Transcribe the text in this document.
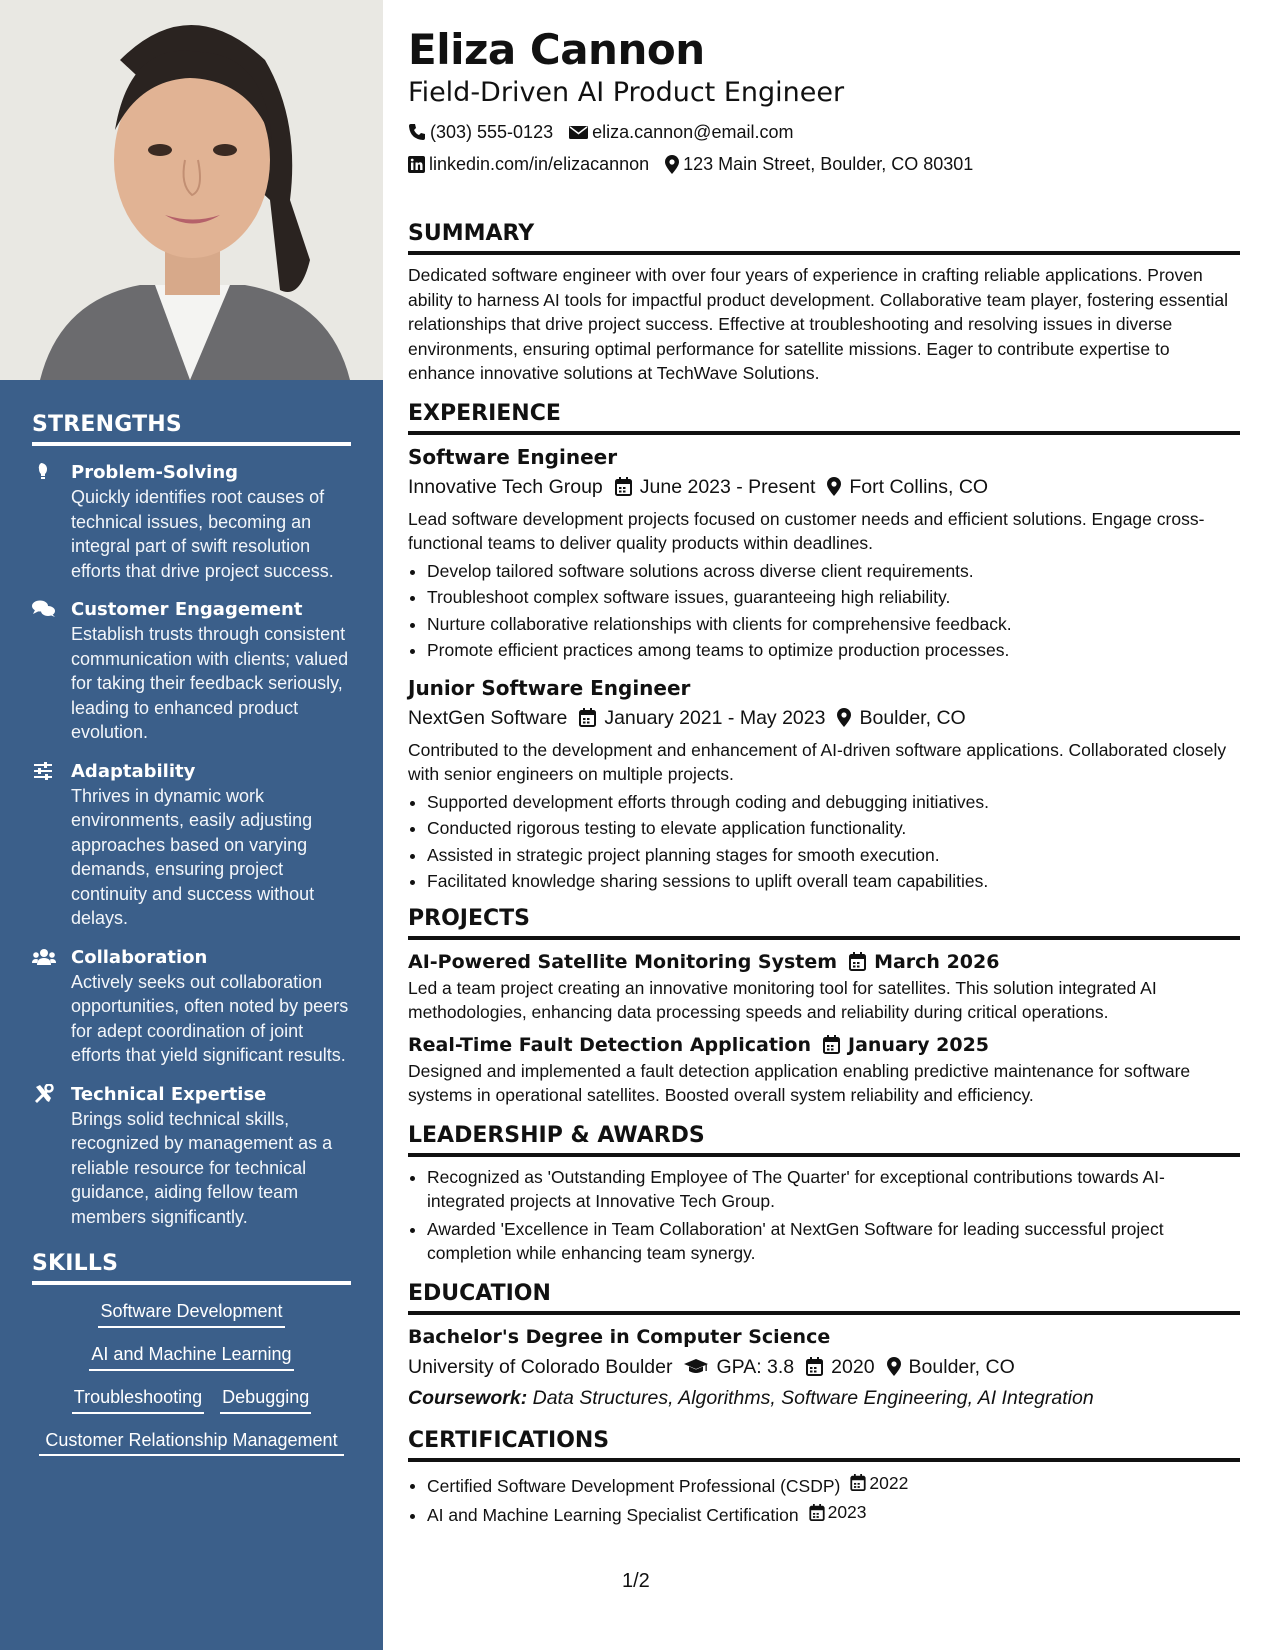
STRENGTHS
Problem-Solving
Quickly identifies root causes of technical issues, becoming an integral part of swift resolution efforts that drive project success.
Customer Engagement
Establish trusts through consistent communication with clients; valued for taking their feedback seriously, leading to enhanced product evolution.
Adaptability
Thrives in dynamic work environments, easily adjusting approaches based on varying demands, ensuring project continuity and success without delays.
Collaboration
Actively seeks out collaboration opportunities, often noted by peers for adept coordination of joint efforts that yield significant results.
Technical Expertise
Brings solid technical skills, recognized by management as a reliable resource for technical guidance, aiding fellow team members significantly.
SKILLS
Software Development
AI and Machine Learning
Troubleshooting Debugging
Customer Relationship Management
Eliza Cannon
Field-Driven AI Product Engineer
(303) 555-0123 eliza.cannon@email.com
linkedin.com/in/elizacannon 123 Main Street, Boulder, CO 80301
SUMMARY
Dedicated software engineer with over four years of experience in crafting reliable applications. Proven ability to harness AI tools for impactful product development. Collaborative team player, fostering essential relationships that drive project success. Effective at troubleshooting and resolving issues in diverse environments, ensuring optimal performance for satellite missions. Eager to contribute expertise to enhance innovative solutions at TechWave Solutions.
EXPERIENCE
Software Engineer
Innovative Tech Group June 2023 - Present Fort Collins, CO
Lead software development projects focused on customer needs and efficient solutions. Engage cross-functional teams to deliver quality products within deadlines.
• Develop tailored software solutions across diverse client requirements.
• Troubleshoot complex software issues, guaranteeing high reliability.
• Nurture collaborative relationships with clients for comprehensive feedback.
• Promote efficient practices among teams to optimize production processes.
Junior Software Engineer
NextGen Software January 2021 - May 2023 Boulder, CO
Contributed to the development and enhancement of AI-driven software applications. Collaborated closely with senior engineers on multiple projects.
• Supported development efforts through coding and debugging initiatives.
• Conducted rigorous testing to elevate application functionality.
• Assisted in strategic project planning stages for smooth execution.
• Facilitated knowledge sharing sessions to uplift overall team capabilities.
PROJECTS
AI-Powered Satellite Monitoring System March 2026
Led a team project creating an innovative monitoring tool for satellites. This solution integrated AI methodologies, enhancing data processing speeds and reliability during critical operations.
Real-Time Fault Detection Application January 2025
Designed and implemented a fault detection application enabling predictive maintenance for software systems in operational satellites. Boosted overall system reliability and efficiency.
LEADERSHIP & AWARDS
• Recognized as 'Outstanding Employee of The Quarter' for exceptional contributions towards AI-integrated projects at Innovative Tech Group.
• Awarded 'Excellence in Team Collaboration' at NextGen Software for leading successful project completion while enhancing team synergy.
EDUCATION
Bachelor's Degree in Computer Science
University of Colorado Boulder GPA: 3.8 2020 Boulder, CO
Coursework: Data Structures, Algorithms, Software Engineering, AI Integration
CERTIFICATIONS
• Certified Software Development Professional (CSDP) 2022
• AI and Machine Learning Specialist Certification 2023
1/2
